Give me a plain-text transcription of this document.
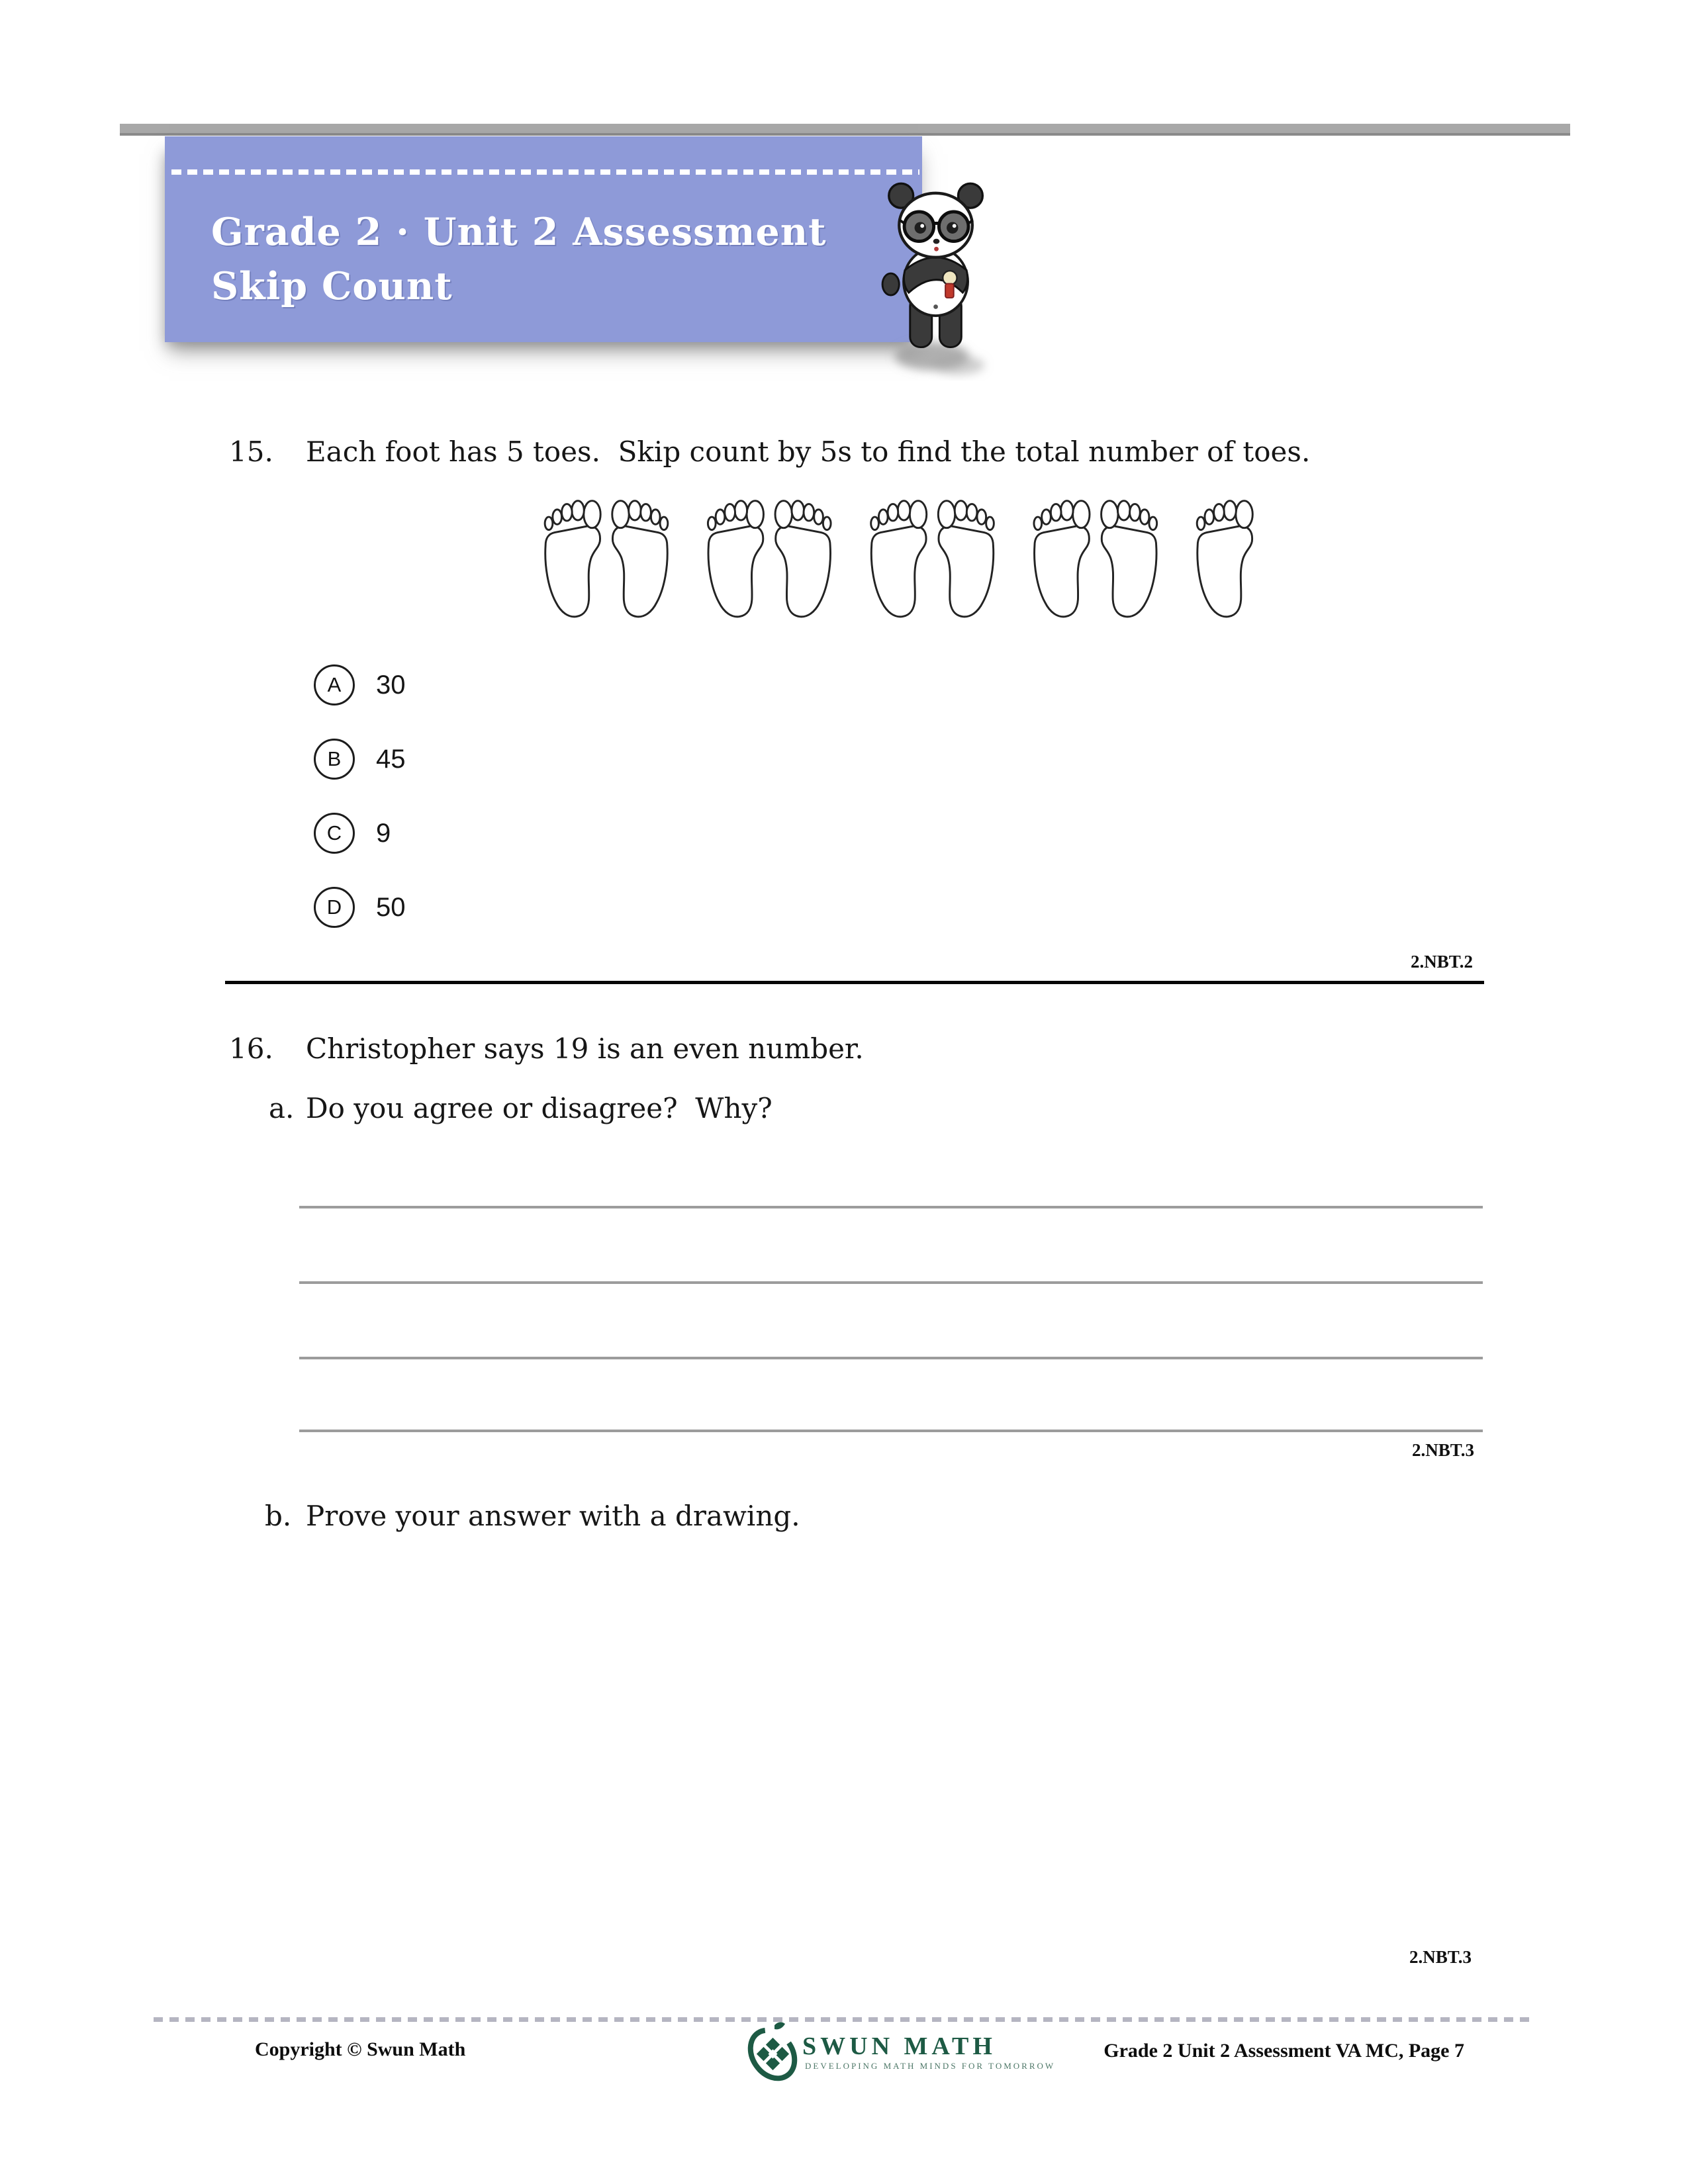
Grade 2 · Unit 2 Assessment
Skip Count
15. Each foot has 5 toes.  Skip count by 5s to find the total number of toes.
A 30
B 45
C 9
D 50
2.NBT.2
16. Christopher says 19 is an even number.
a. Do you agree or disagree?  Why?
2.NBT.3
b. Prove your answer with a drawing.
2.NBT.3
Copyright © Swun Math	SWUN MATH
DEVELOPING MATH MINDS FOR TOMORROW
Grade 2 Unit 2 Assessment VA MC, Page 7
